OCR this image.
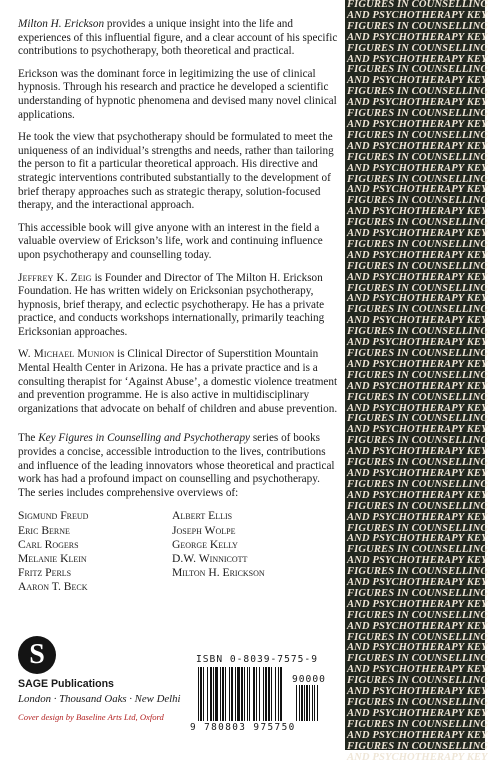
Milton H. Erickson provides a unique insight into the life and experiences of this influential figure, and a clear account of his specific contributions to psychotherapy, both theoretical and practical.

Erickson was the dominant force in legitimizing the use of clinical hypnosis. Through his research and practice he developed a scientific understanding of hypnotic phenomena and devised many novel clinical applications.

He took the view that psychotherapy should be formulated to meet the uniqueness of an individual’s strengths and needs, rather than tailoring the person to fit a particular theoretical approach. His directive and strategic interventions contributed substantially to the development of brief therapy approaches such as strategic therapy, solution-focused therapy, and the interactional approach.

This accessible book will give anyone with an interest in the field a valuable overview of Erickson’s life, work and continuing influence upon psychotherapy and counselling today.

Jeffrey K. Zeig is Founder and Director of The Milton H. Erickson Foundation. He has written widely on Ericksonian psychotherapy, hypnosis, brief therapy, and eclectic psychotherapy. He has a private practice, and conducts workshops internationally, primarily teaching Ericksonian approaches.

W. Michael Munion is Clinical Director of Superstition Mountain Mental Health Center in Arizona. He has a private practice and is a consulting therapist for ‘Against Abuse’, a domestic violence treatment and prevention programme. He is also active in multidisciplinary organizations that advocate on behalf of children and abuse prevention.

The Key Figures in Counselling and Psychotherapy series of books provides a concise, accessible introduction to the lives, contributions and influence of the leading innovators whose theoretical and practical work has had a profound impact on counselling and psychotherapy. The series includes comprehensive overviews of:

Sigmund Freud
Eric Berne
Carl Rogers
Melanie Klein
Fritz Perls
Aaron T. Beck
Albert Ellis
Joseph Wolpe
George Kelly
D.W. Winnicott
Milton H. Erickson
S
SAGE Publications
London · Thousand Oaks · New Delhi
Cover design by Baseline Arts Ltd, Oxford
ISBN 0-8039-7575-9
90000
9 780803 975750
FIGURES IN COUNSELLING
AND PSYCHOTHERAPY KEY
FIGURES IN COUNSELLING
AND PSYCHOTHERAPY KEY
FIGURES IN COUNSELLING
AND PSYCHOTHERAPY KEY
FIGURES IN COUNSELLING
AND PSYCHOTHERAPY KEY
FIGURES IN COUNSELLING
AND PSYCHOTHERAPY KEY
FIGURES IN COUNSELLING
AND PSYCHOTHERAPY KEY
FIGURES IN COUNSELLING
AND PSYCHOTHERAPY KEY
FIGURES IN COUNSELLING
AND PSYCHOTHERAPY KEY
FIGURES IN COUNSELLING
AND PSYCHOTHERAPY KEY
FIGURES IN COUNSELLING
AND PSYCHOTHERAPY KEY
FIGURES IN COUNSELLING
AND PSYCHOTHERAPY KEY
FIGURES IN COUNSELLING
AND PSYCHOTHERAPY KEY
FIGURES IN COUNSELLING
AND PSYCHOTHERAPY KEY
FIGURES IN COUNSELLING
AND PSYCHOTHERAPY KEY
FIGURES IN COUNSELLING
AND PSYCHOTHERAPY KEY
FIGURES IN COUNSELLING
AND PSYCHOTHERAPY KEY
FIGURES IN COUNSELLING
AND PSYCHOTHERAPY KEY
FIGURES IN COUNSELLING
AND PSYCHOTHERAPY KEY
FIGURES IN COUNSELLING
AND PSYCHOTHERAPY KEY
FIGURES IN COUNSELLING
AND PSYCHOTHERAPY KEY
FIGURES IN COUNSELLING
AND PSYCHOTHERAPY KEY
FIGURES IN COUNSELLING
AND PSYCHOTHERAPY KEY
FIGURES IN COUNSELLING
AND PSYCHOTHERAPY KEY
FIGURES IN COUNSELLING
AND PSYCHOTHERAPY KEY
FIGURES IN COUNSELLING
AND PSYCHOTHERAPY KEY
FIGURES IN COUNSELLING
AND PSYCHOTHERAPY KEY
FIGURES IN COUNSELLING
AND PSYCHOTHERAPY KEY
FIGURES IN COUNSELLING
AND PSYCHOTHERAPY KEY
FIGURES IN COUNSELLING
AND PSYCHOTHERAPY KEY
FIGURES IN COUNSELLING
AND PSYCHOTHERAPY KEY
FIGURES IN COUNSELLING
AND PSYCHOTHERAPY KEY
FIGURES IN COUNSELLING
AND PSYCHOTHERAPY KEY
FIGURES IN COUNSELLING
AND PSYCHOTHERAPY KEY
FIGURES IN COUNSELLING
AND PSYCHOTHERAPY KEY
FIGURES IN COUNSELLING
AND PSYCHOTHERAPY KEY
